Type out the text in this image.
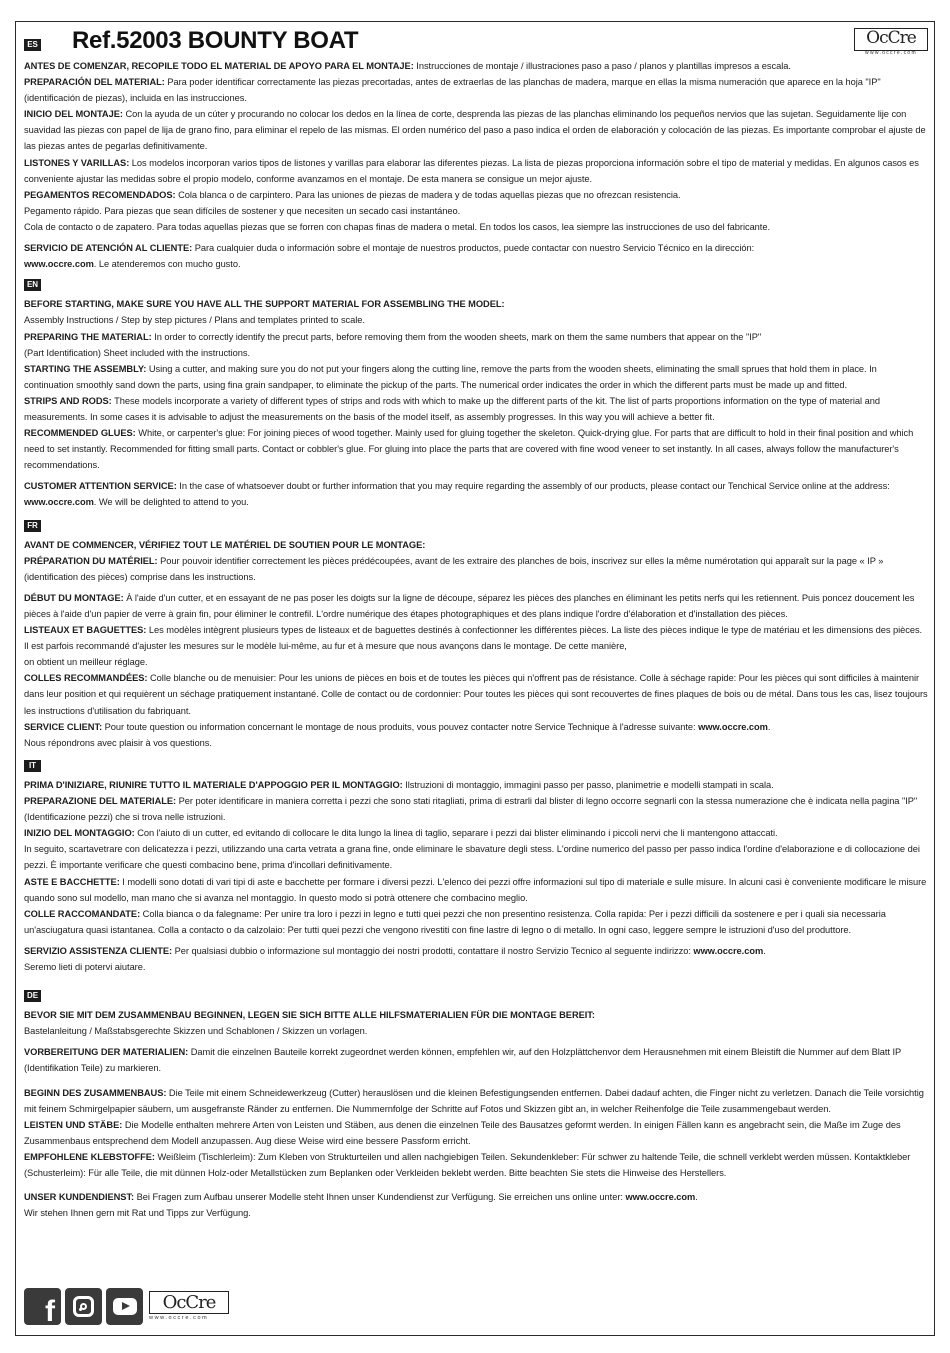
ES Ref.52003 BOUNTY BOAT	OcCre
www.occre.com

ANTES DE COMENZAR, RECOPILE TODO EL MATERIAL DE APOYO PARA EL MONTAJE: Instrucciones de montaje / illustraciones paso a paso / planos y plantillas impresos a escala.

PREPARACIÓN DEL MATERIAL: Para poder identificar correctamente las piezas precortadas, antes de extraerlas de las planchas de madera, marque en ellas la misma numeración que aparece en la hoja "IP" (identificación de piezas), incluida en las instrucciones.

INICIO DEL MONTAJE: Con la ayuda de un cúter y procurando no colocar los dedos en la línea de corte, desprenda las piezas de las planchas eliminando los pequeños nervios que las sujetan. Seguidamente lije con suavidad las piezas con papel de lija de grano fino, para eliminar el repelo de las mismas. El orden numérico del paso a paso indica el orden de elaboración y colocación de las piezas. Es importante comprobar el ajuste de las piezas antes de pegarlas definitivamente.

LISTONES Y VARILLAS: Los modelos incorporan varios tipos de listones y varillas para elaborar las diferentes piezas. La lista de piezas proporciona información sobre el tipo de material y medidas. En algunos casos es conveniente ajustar las medidas sobre el propio modelo, conforme avanzamos en el montaje. De esta manera se consigue un mejor ajuste.

PEGAMENTOS RECOMENDADOS: Cola blanca o de carpintero. Para las uniones de piezas de madera y de todas aquellas piezas que no ofrezcan resistencia.

Pegamento rápido. Para piezas que sean difíciles de sostener y que necesiten un secado casi instantáneo.

Cola de contacto o de zapatero. Para todas aquellas piezas que se forren con chapas finas de madera o metal. En todos los casos, lea siempre las instrucciones de uso del fabricante.

SERVICIO DE ATENCIÓN AL CLIENTE: Para cualquier duda o información sobre el montaje de nuestros productos, puede contactar con nuestro Servicio Técnico en la dirección:
www.occre.com. Le atenderemos con mucho gusto.

EN

BEFORE STARTING, MAKE SURE YOU HAVE ALL THE SUPPORT MATERIAL FOR ASSEMBLING THE MODEL:

Assembly Instructions / Step by step pictures / Plans and templates printed to scale.

PREPARING THE MATERIAL: In order to correctly identify the precut parts, before removing them from the wooden sheets, mark on them the same numbers that appear on the "IP"

(Part Identification) Sheet included with the instructions.

STARTING THE ASSEMBLY: Using a cutter, and making sure you do not put your fingers along the cutting line, remove the parts from the wooden sheets, eliminating the small sprues that hold them in place. In continuation smoothly sand down the parts, using fina grain sandpaper, to eliminate the pickup of the parts. The numerical order indicates the order in which the different parts must be made up and fitted.

STRIPS AND RODS: These models incorporate a variety of different types of strips and rods with which to make up the different parts of the kit. The list of parts proportions information on the type of material and measurements. In some cases it is advisable to adjust the measurements on the basis of the model itself, as assembly progresses. In this way you will achieve a better fit.

RECOMMENDED GLUES: White, or carpenter's glue: For joining pieces of wood together. Mainly used for gluing together the skeleton. Quick-drying glue. For parts that are difficult to hold in their final position and which need to set instantly. Recommended for fitting small parts. Contact or cobbler's glue. For gluing into place the parts that are covered with fine wood veneer to set instantly. In all cases, always follow the manufacturer's recommendations.

CUSTOMER ATTENTION SERVICE: In the case of whatsoever doubt or further information that you may require regarding the assembly of our products, please contact our Tenchical Service online at the address: www.occre.com. We will be delighted to attend to you.

FR

AVANT DE COMMENCER, VÉRIFIEZ TOUT LE MATÉRIEL DE SOUTIEN POUR LE MONTAGE:

PRÉPARATION DU MATÉRIEL: Pour pouvoir identifier correctement les pièces prédécoupées, avant de les extraire des planches de bois, inscrivez sur elles la même numérotation qui apparaît sur la page « IP » (identification des pièces) comprise dans les instructions.

DÉBUT DU MONTAGE: À l'aide d'un cutter, et en essayant de ne pas poser les doigts sur la ligne de découpe, séparez les pièces des planches en éliminant les petits nerfs qui les retiennent. Puis poncez doucement les pièces à l'aide d'un papier de verre à grain fin, pour éliminer le contrefil. L'ordre numérique des étapes photographiques et des plans indique l'ordre d'élaboration et d'installation des pièces.

LISTEAUX ET BAGUETTES: Les modèles intègrent plusieurs types de listeaux et de baguettes destinés à confectionner les différentes pièces. La liste des pièces indique le type de matériau et les dimensions des pièces. Il est parfois recommandé d'ajuster les mesures sur le modèle lui-même, au fur et à mesure que nous avançons dans le montage. De cette manière,

on obtient un meilleur réglage.

COLLES RECOMMANDÉES: Colle blanche ou de menuisier: Pour les unions de pièces en bois et de toutes les pièces qui n'offrent pas de résistance. Colle à séchage rapide: Pour les pièces qui sont difficiles à maintenir dans leur position et qui requièrent un séchage pratiquement instantané. Colle de contact ou de cordonnier: Pour toutes les pièces qui sont recouvertes de fines plaques de bois ou de métal. Dans tous les cas, lisez toujours les instructions d'utilisation du fabriquant.

SERVICE CLIENT: Pour toute question ou information concernant le montage de nous produits, vous pouvez contacter notre Service Technique à l'adresse suivante: www.occre.com.

Nous répondrons avec plaisir à vos questions.

IT

PRIMA D'INIZIARE, RIUNIRE TUTTO IL MATERIALE D'APPOGGIO PER IL MONTAGGIO: Ilstruzioni di montaggio, immagini passo per passo, planimetrie e modelli stampati in scala.

PREPARAZIONE DEL MATERIALE: Per poter identificare in maniera corretta i pezzi che sono stati ritagliati, prima di estrarli dal blister di legno occorre segnarli con la stessa numerazione che è indicata nella pagina "IP" (Identificazione pezzi) che si trova nelle istruzioni.

INIZIO DEL MONTAGGIO: Con l'aiuto di un cutter, ed evitando di collocare le dita lungo la linea di taglio, separare i pezzi dai blister eliminando i piccoli nervi che li mantengono attaccati.

In seguito, scartavetrare con delicatezza i pezzi, utilizzando una carta vetrata a grana fine, onde eliminare le sbavature degli stess. L'ordine numerico del passo per passo indica l'ordine d'elaborazione e di collocazione dei pezzi. È importante verificare che questi combacino bene, prima d'incollari definitivamente.

ASTE E BACCHETTE: I modelli sono dotati di vari tipi di aste e bacchette per formare i diversi pezzi. L'elenco dei pezzi offre informazioni sul tipo di materiale e sulle misure. In alcuni casi è conveniente modificare le misure quando sono sul modello, man mano che si avanza nel montaggio. In questo modo si potrà ottenere che combacino meglio.

COLLE RACCOMANDATE: Colla bianca o da falegname: Per unire tra loro i pezzi in legno e tutti quei pezzi che non presentino resistenza. Colla rapida: Per i pezzi difficili da sostenere e per i quali sia necessaria un'asciugatura quasi istantanea. Colla a contacto o da calzolaio: Per tutti quei pezzi che vengono rivestiti con fine lastre di legno o di metallo. In ogni caso, leggere sempre le istruzioni d'uso del produttore.

SERVIZIO ASSISTENZA CLIENTE: Per qualsiasi dubbio o informazione sul montaggio dei nostri prodotti, contattare il nostro Servizio Tecnico al seguente indirizzo: www.occre.com.

Seremo lieti di potervi aiutare.

DE

BEVOR SIE MIT DEM ZUSAMMENBAU BEGINNEN, LEGEN SIE SICH BITTE ALLE HILFSMATERIALIEN FÜR DIE MONTAGE BEREIT:

Bastelanleitung / Maßstabsgerechte Skizzen und Schablonen / Skizzen un vorlagen.

VORBEREITUNG DER MATERIALIEN: Damit die einzelnen Bauteile korrekt zugeordnet werden können, empfehlen wir, auf den Holzplättchenvor dem Herausnehmen mit einem Bleistift die Nummer auf dem Blatt IP (Identifikation Teile) zu markieren.

BEGINN DES ZUSAMMENBAUS: Die Teile mit einem Schneidewerkzeug (Cutter) herauslösen und die kleinen Befestigungsenden entfernen. Dabei dadauf achten, die Finger nicht zu verletzen. Danach die Teile vorsichtig mit feinem Schmirgelpapier säubern, um ausgefranste Ränder zu entfernen. Die Nummernfolge der Schritte auf Fotos und Skizzen gibt an, in welcher Reihenfolge die Teile zusammengebaut werden.

LEISTEN UND STÄBE: Die Modelle enthalten mehrere Arten von Leisten und Stäben, aus denen die einzelnen Teile des Bausatzes geformt werden. In einigen Fällen kann es angebracht sein, die Maße im Zuge des Zusammenbaus entsprechend dem Modell anzupassen. Aug diese Weise wird eine bessere Passform erricht.

EMPFOHLENE KLEBSTOFFE: Weißleim (Tischlerleim): Zum Kleben von Strukturteilen und allen nachgiebigen Teilen. Sekundenkleber: Für schwer zu haltende Teile, die schnell verklebt werden müssen. Kontaktkleber (Schusterleim): Für alle Teile, die mit dünnen Holz-oder Metallstücken zum Beplanken oder Verkleiden beklebt werden. Bitte beachten Sie stets die Hinweise des Herstellers.

UNSER KUNDENDIENST: Bei Fragen zum Aufbau unserer Modelle steht Ihnen unser Kundendienst zur Verfügung. Sie erreichen uns online unter: www.occre.com.

Wir stehen Ihnen gern mit Rat und Tipps zur Verfügung.

f	OcCre
www.occre.com
